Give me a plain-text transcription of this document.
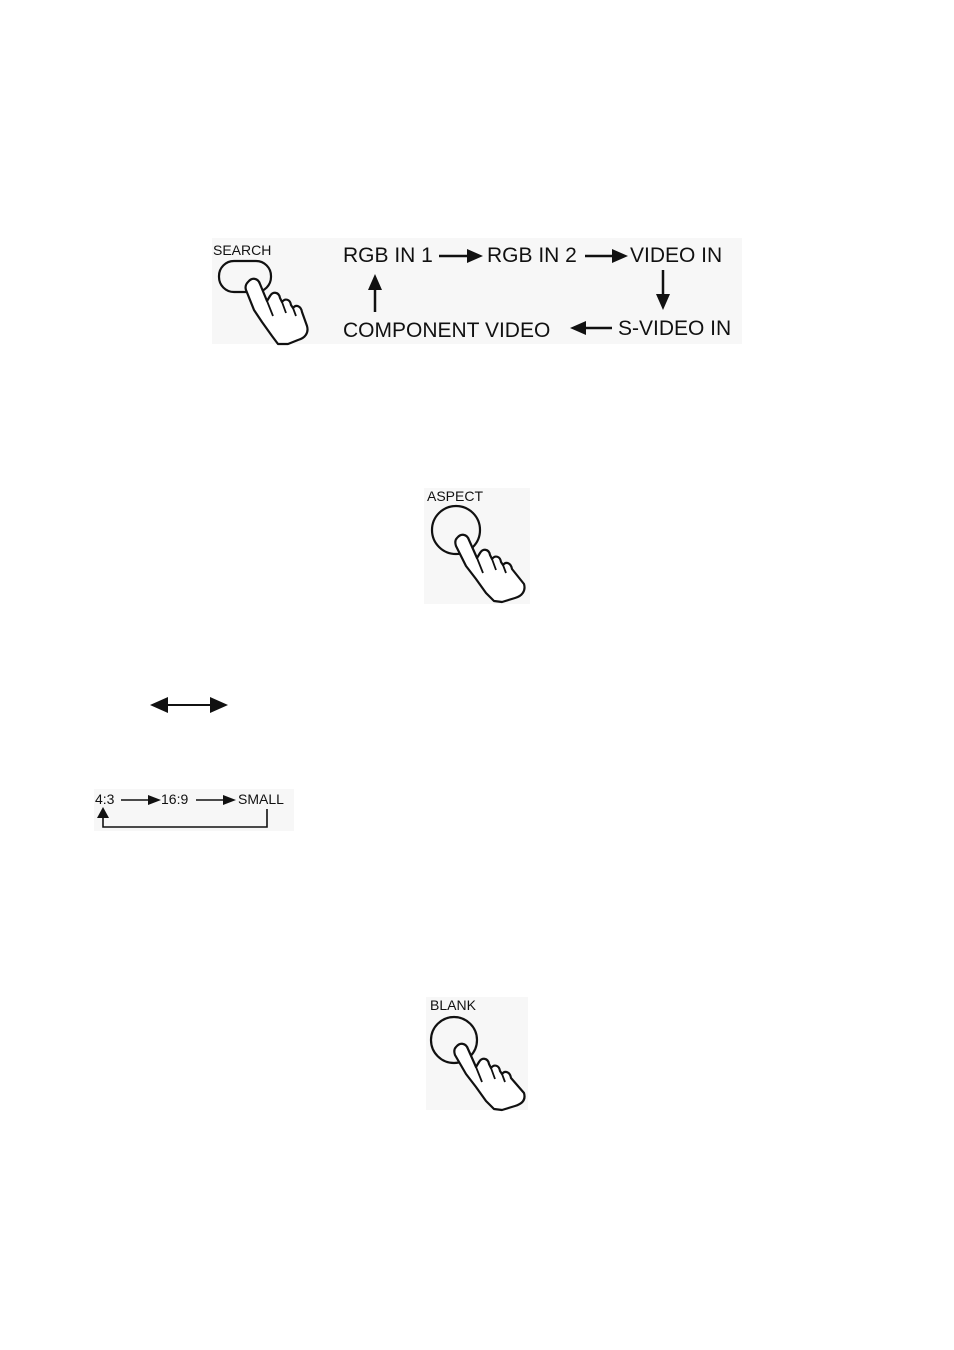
SEARCH	RGB IN 1	RGB IN 2	VIDEO IN
S-VIDEO IN
COMPONENT VIDEO
ASPECT
4:3	16:9	SMALL
BLANK
